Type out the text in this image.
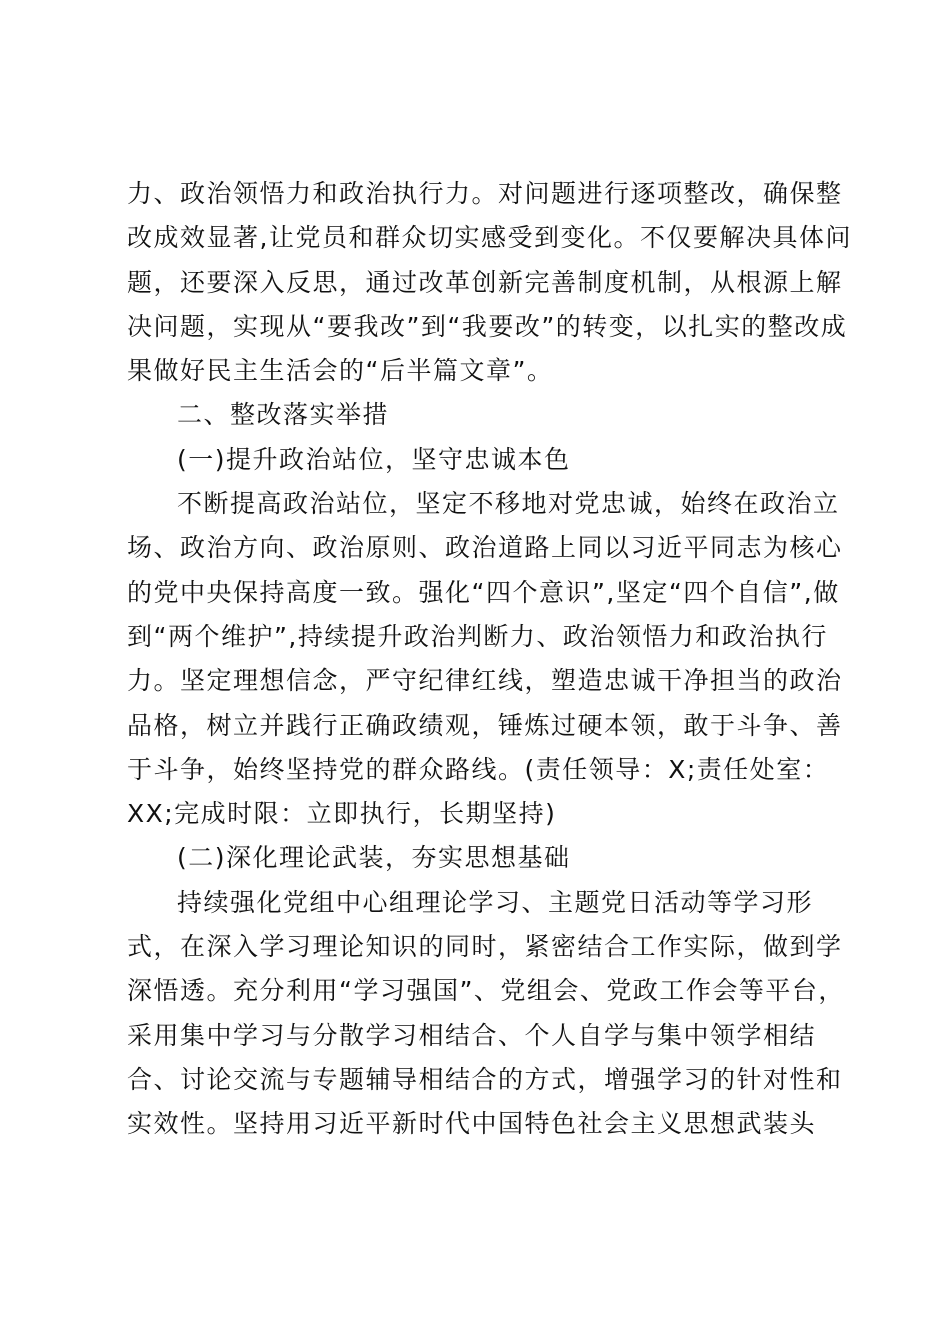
力、政治领悟力和政治执行力。对问题进行逐项整改，确保整
改成效显著,让党员和群众切实感受到变化。不仅要解决具体问
题，还要深入反思，通过改革创新完善制度机制，从根源上解
决问题，实现从“要我改”到“我要改”的转变，以扎实的整改成
果做好民主生活会的“后半篇文章”。
二、整改落实举措
(一)提升政治站位，坚守忠诚本色
不断提高政治站位，坚定不移地对党忠诚，始终在政治立
场、政治方向、政治原则、政治道路上同以习近平同志为核心
的党中央保持高度一致。强化“四个意识”,坚定“四个自信”,做
到“两个维护”,持续提升政治判断力、政治领悟力和政治执行
力。坚定理想信念，严守纪律红线，塑造忠诚干净担当的政治
品格，树立并践行正确政绩观，锤炼过硬本领，敢于斗争、善
于斗争，始终坚持党的群众路线。(责任领导：X;责任处室：
XX;完成时限：立即执行，长期坚持)
(二)深化理论武装，夯实思想基础
持续强化党组中心组理论学习、主题党日活动等学习形
式，在深入学习理论知识的同时，紧密结合工作实际，做到学
深悟透。充分利用“学习强国”、党组会、党政工作会等平台，
采用集中学习与分散学习相结合、个人自学与集中领学相结
合、讨论交流与专题辅导相结合的方式，增强学习的针对性和
实效性。坚持用习近平新时代中国特色社会主义思想武装头
